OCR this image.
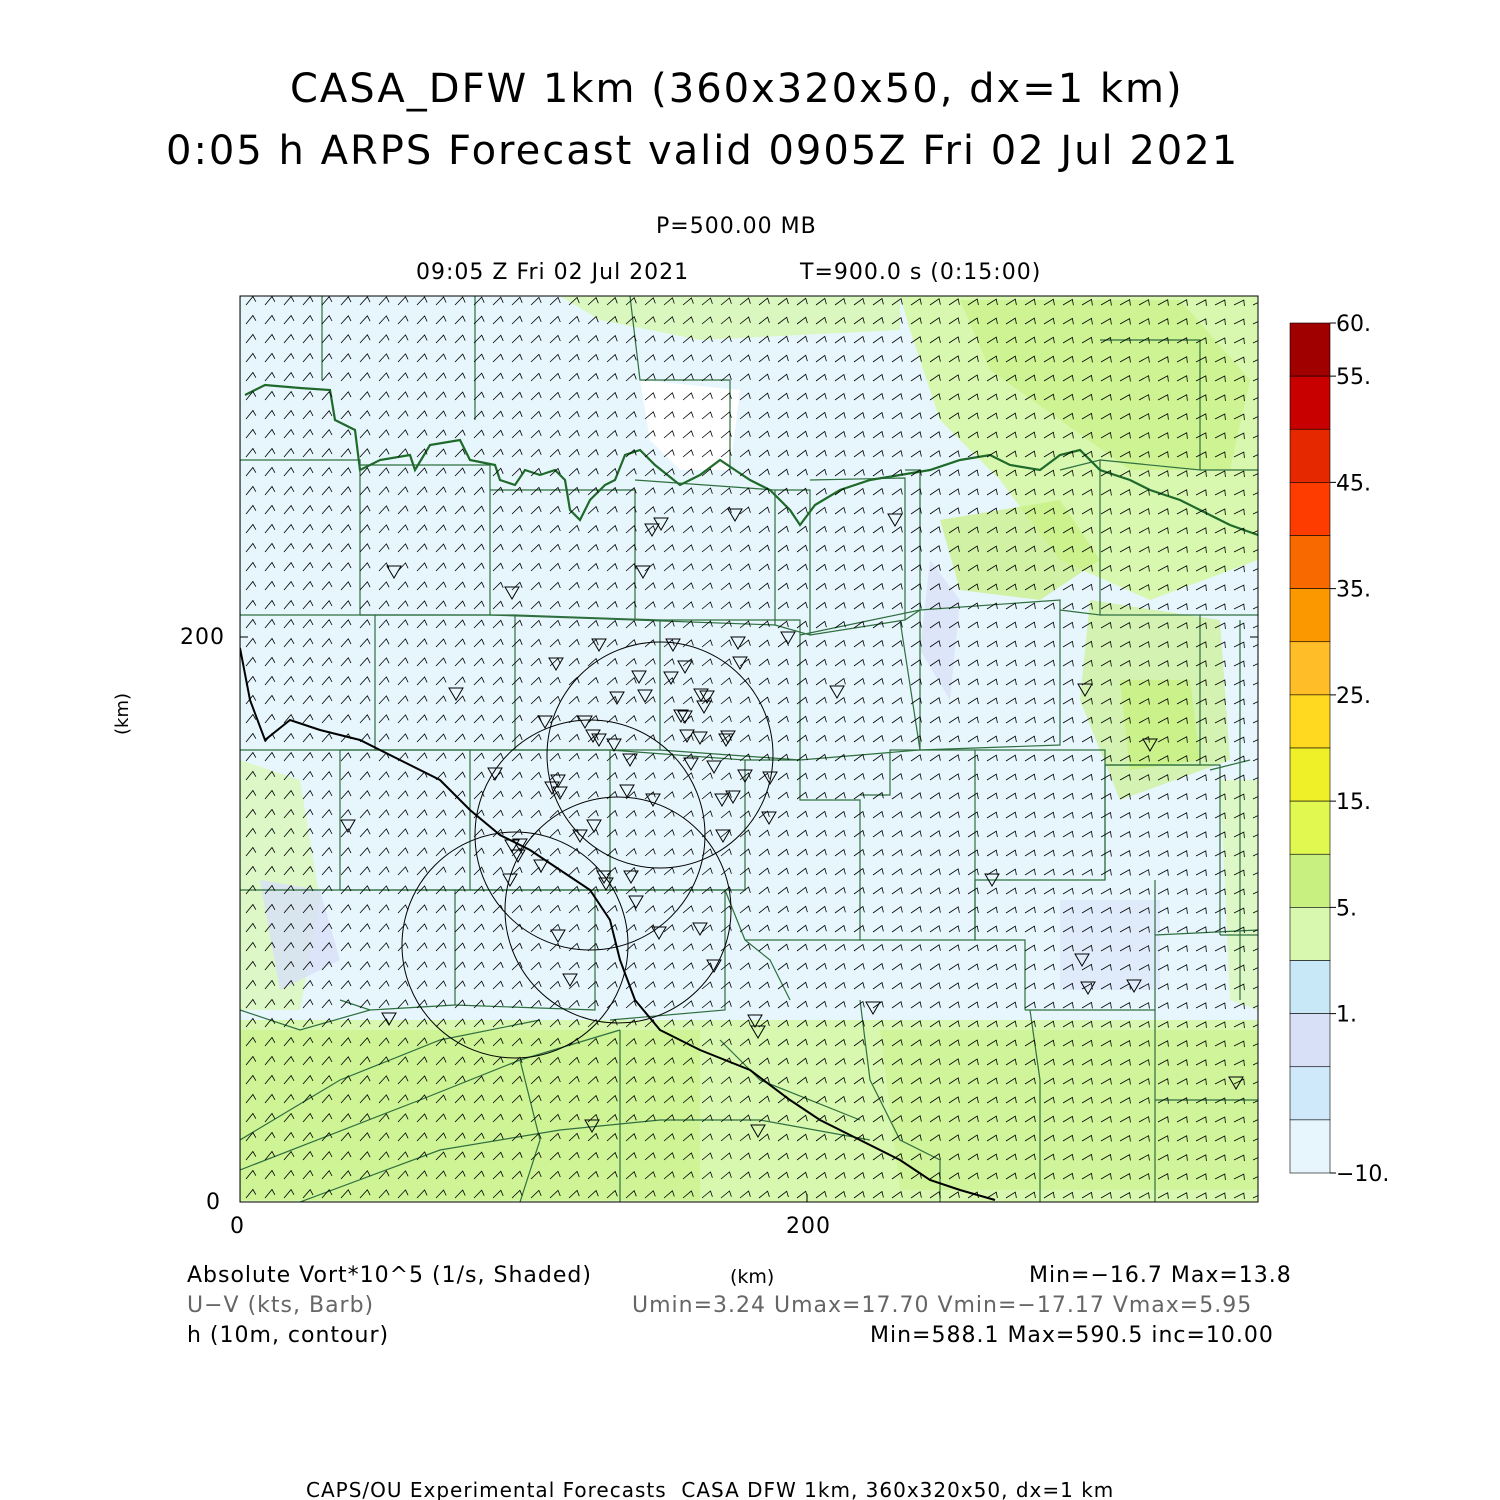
CASA_DFW 1km (360x320x50, dx=1 km)
0:05 h ARPS Forecast valid 0905Z Fri 02 Jul 2021
P=500.00 MB
09:05 Z Fri 02 Jul 2021	T=900.0 s (0:15:00)
60.
55.
45.
35.
25.
15.
5.
1.
−10.
0	200
0
200
(km)
Absolute Vort*10^5 (1/s, Shaded)	(km)	Min=−16.7 Max=13.8
U−V (kts, Barb)	Umin=3.24 Umax=17.70 Vmin=−17.17 Vmax=5.95
h (10m, contour)	Min=588.1 Max=590.5 inc=10.00
CAPS/OU Experimental Forecasts  CASA DFW 1km, 360x320x50, dx=1 km
